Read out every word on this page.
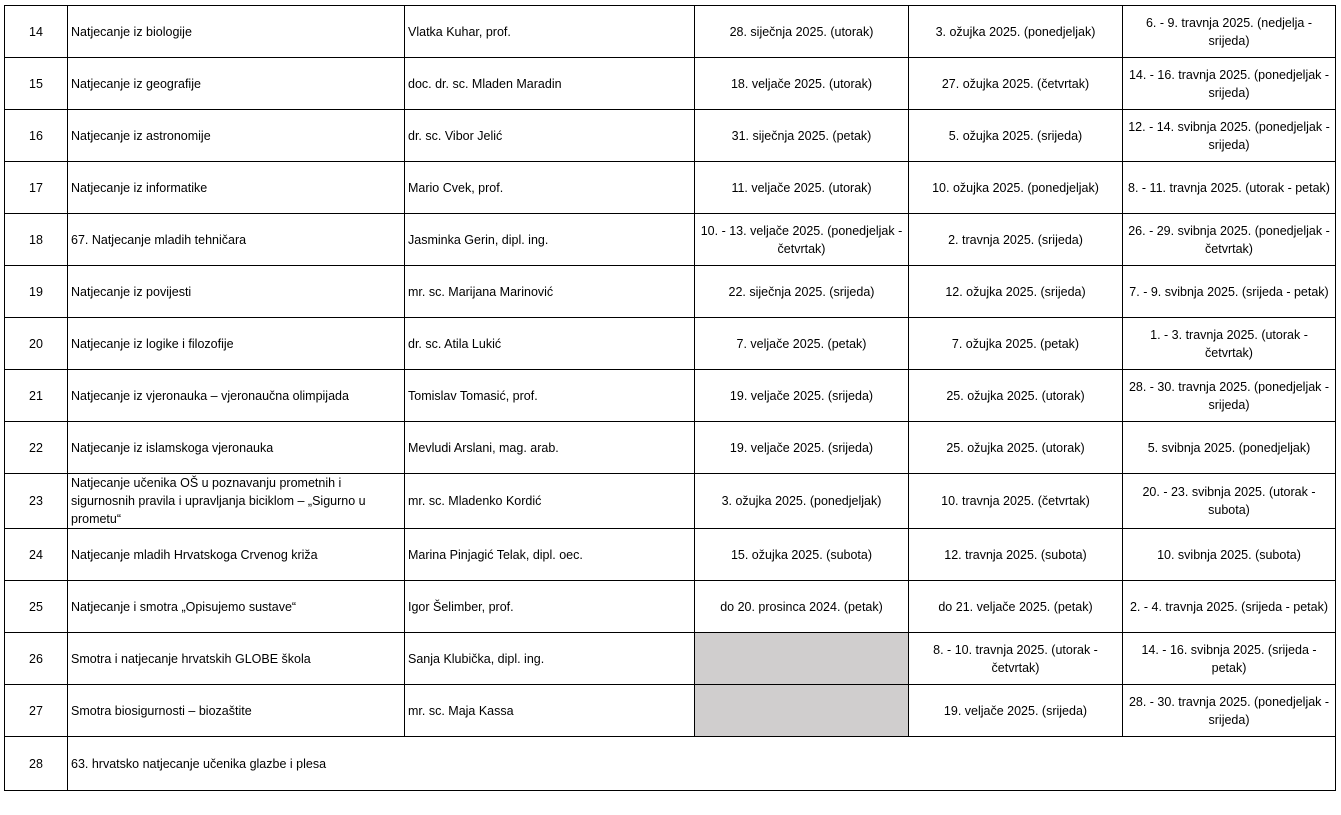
14	Natjecanje iz biologije	Vlatka Kuhar, prof.	28. siječnja 2025. (utorak)	3. ožujka 2025. (ponedjeljak)	6. - 9. travnja 2025. (nedjelja - srijeda)
15	Natjecanje iz geografije	doc. dr. sc. Mladen Maradin	18. veljače 2025. (utorak)	27. ožujka 2025. (četvrtak)	14. - 16. travnja 2025. (ponedjeljak - srijeda)
16	Natjecanje iz astronomije	dr. sc. Vibor Jelić	31. siječnja 2025. (petak)	5. ožujka 2025. (srijeda)	12. - 14. svibnja 2025. (ponedjeljak - srijeda)
17	Natjecanje iz informatike	Mario Cvek, prof.	11. veljače 2025. (utorak)	10. ožujka 2025. (ponedjeljak)	8. - 11. travnja 2025. (utorak - petak)
18	67. Natjecanje mladih tehničara	Jasminka Gerin, dipl. ing.	10. - 13. veljače 2025. (ponedjeljak - četvrtak)	2. travnja 2025. (srijeda)	26. - 29. svibnja 2025. (ponedjeljak - četvrtak)
19	Natjecanje iz povijesti	mr. sc. Marijana Marinović	22. siječnja 2025. (srijeda)	12. ožujka 2025. (srijeda)	7. - 9. svibnja 2025. (srijeda - petak)
20	Natjecanje iz logike i filozofije	dr. sc. Atila Lukić	7. veljače 2025. (petak)	7. ožujka 2025. (petak)	1. - 3. travnja 2025. (utorak - četvrtak)
21	Natjecanje iz vjeronauka – vjeronaučna olimpijada	Tomislav Tomasić, prof.	19. veljače 2025. (srijeda)	25. ožujka 2025. (utorak)	28. - 30. travnja 2025. (ponedjeljak - srijeda)
22	Natjecanje iz islamskoga vjeronauka	Mevludi Arslani, mag. arab.	19. veljače 2025. (srijeda)	25. ožujka 2025. (utorak)	5. svibnja 2025. (ponedjeljak)
23	Natjecanje učenika OŠ u poznavanju prometnih i sigurnosnih pravila i upravljanja biciklom – „Sigurno u prometu“	mr. sc. Mladenko Kordić	3. ožujka 2025. (ponedjeljak)	10. travnja 2025. (četvrtak)	20. - 23. svibnja 2025. (utorak - subota)
24	Natjecanje mladih Hrvatskoga Crvenog križa	Marina Pinjagić Telak, dipl. oec.	15. ožujka 2025. (subota)	12. travnja 2025. (subota)	10. svibnja 2025. (subota)
25	Natjecanje i smotra „Opisujemo sustave“	Igor Šelimber, prof.	do 20. prosinca 2024. (petak)	do 21. veljače 2025. (petak)	2. - 4. travnja 2025. (srijeda - petak)
26	Smotra i natjecanje hrvatskih GLOBE škola	Sanja Klubička, dipl. ing.		8. - 10. travnja 2025. (utorak - četvrtak)	14. - 16. svibnja 2025. (srijeda - petak)
27	Smotra biosigurnosti – biozaštite	mr. sc. Maja Kassa		19. veljače 2025. (srijeda)	28. - 30. travnja 2025. (ponedjeljak - srijeda)
28	63. hrvatsko natjecanje učenika glazbe i plesa				
